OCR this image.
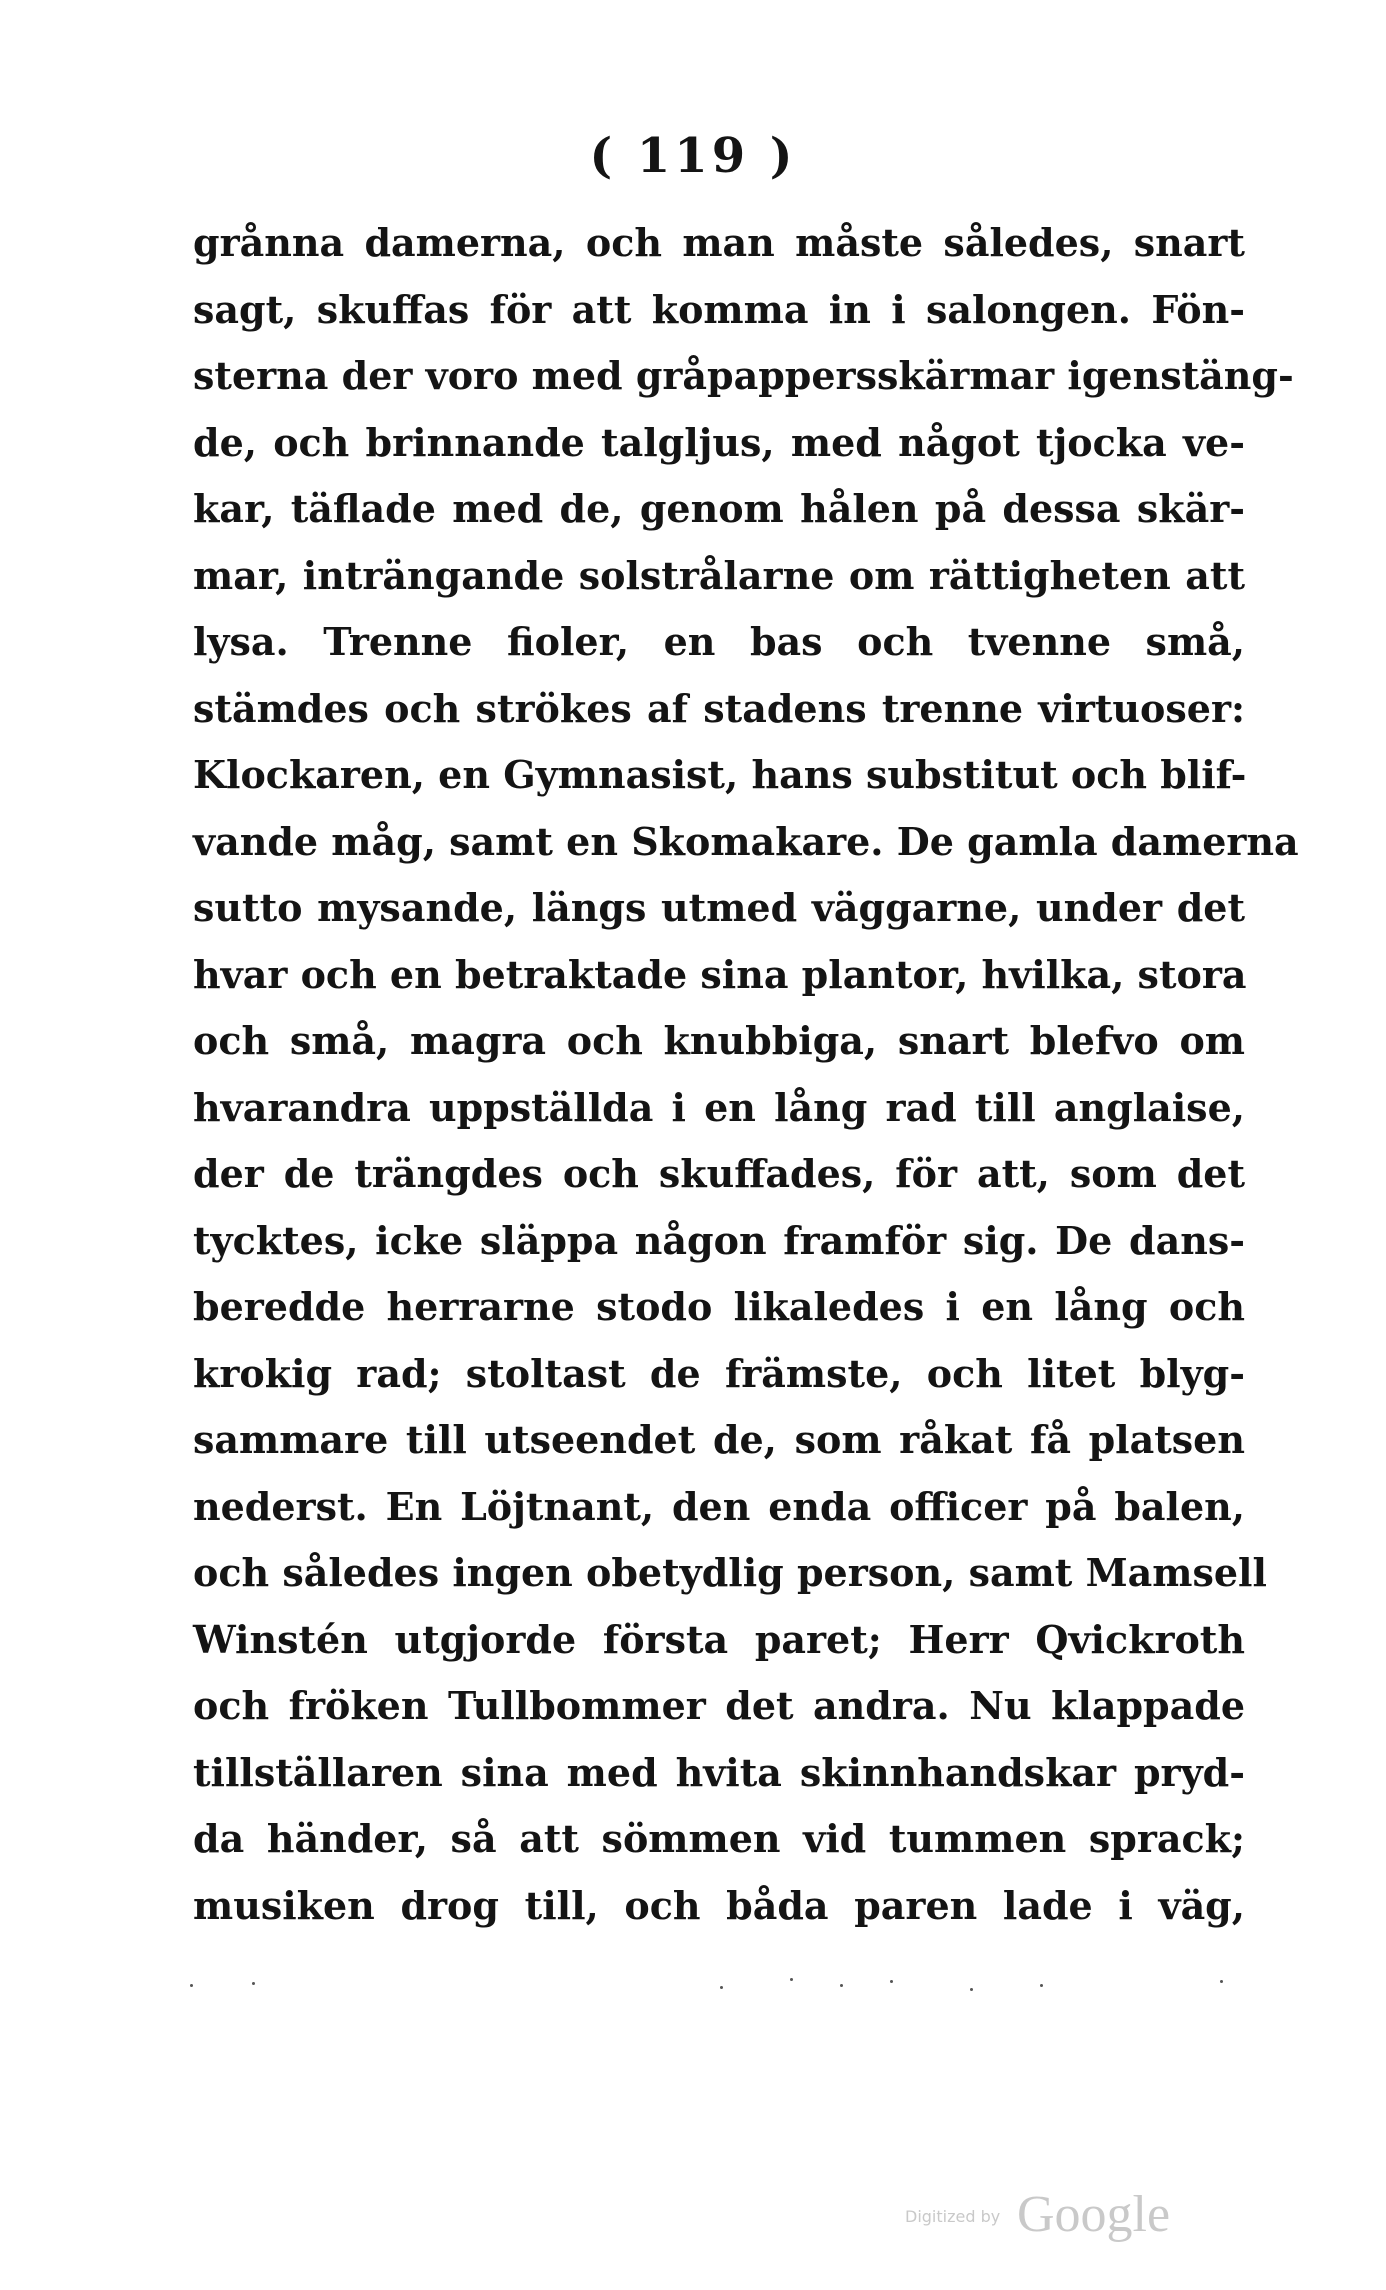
( 119 )
grånna damerna, och man måste således, snart
sagt, skuffas för att komma in i salongen. Fön-
sterna der voro med gråpappersskärmar igenstäng-
de, och brinnande talgljus, med något tjocka ve-
kar, täflade med de, genom hålen på dessa skär-
mar, inträngande solstrålarne om rättigheten att
lysa. Trenne fioler, en bas och tvenne små,
stämdes och strökes af stadens trenne virtuoser:
Klockaren, en Gymnasist, hans substitut och blif-
vande måg, samt en Skomakare. De gamla damerna
sutto mysande, längs utmed väggarne, under det
hvar och en betraktade sina plantor, hvilka, stora
och små, magra och knubbiga, snart blefvo om
hvarandra uppställda i en lång rad till anglaise,
der de trängdes och skuffades, för att, som det
tycktes, icke släppa någon framför sig. De dans-
beredde herrarne stodo likaledes i en lång och
krokig rad; stoltast de främste, och litet blyg-
sammare till utseendet de, som råkat få platsen
nederst. En Löjtnant, den enda officer på balen,
och således ingen obetydlig person, samt Mamsell
Winstén utgjorde första paret; Herr Qvickroth
och fröken Tullbommer det andra. Nu klappade
tillställaren sina med hvita skinnhandskar pryd-
da händer, så att sömmen vid tummen sprack;
musiken drog till, och båda paren lade i väg,
Digitized by Google
